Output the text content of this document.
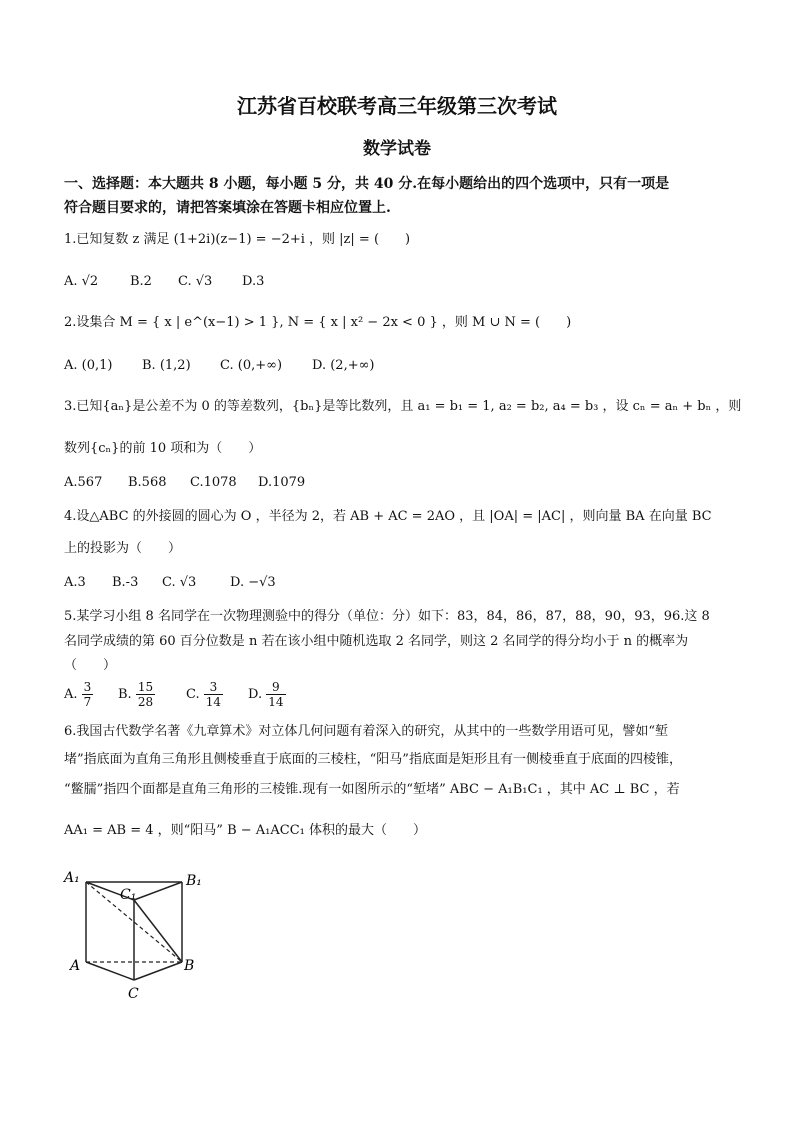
江苏省百校联考高三年级第三次考试
数学试卷
一、选择题：本大题共 8 小题，每小题 5 分，共 40 分.在每小题给出的四个选项中，只有一项是
符合题目要求的，请把答案填涂在答题卡相应位置上.
1.已知复数 z 满足 (1+2i)(z−1) = −2+i ，则 |z| = (　　)
A. √2 B.2 C. √3 D.3
2.设集合 M = { x | e^(x−1) > 1 }, N = { x | x² − 2x < 0 } ，则 M ∪ N = (　　)
A. (0,1) B. (1,2) C. (0,+∞) D. (2,+∞)
3.已知{aₙ}是公差不为 0 的等差数列，{bₙ}是等比数列，且 a₁ = b₁ = 1, a₂ = b₂, a₄ = b₃ ，设 cₙ = aₙ + bₙ ，则
数列{cₙ}的前 10 项和为（　　）
A.567 B.568 C.1078 D.1079
4.设△ABC 的外接圆的圆心为 O ，半径为 2，若 AB + AC = 2AO ，且 |OA| = |AC| ，则向量 BA 在向量 BC
上的投影为（　　）
A.3 B.-3 C. √3	D. −√3
5.某学习小组 8 名同学在一次物理测验中的得分（单位：分）如下：83，84，86，87，88，90，93，96.这 8
名同学成绩的第 60 百分位数是 n 若在该小组中随机选取 2 名同学，则这 2 名同学的得分均小于 n 的概率为
（　　）
A. $\frac{3}{7} B$. $\frac{15}{28} C$. $\frac{3}{14} D$. $\frac{9}{14}$
6.我国古代数学名著《九章算术》对立体几何问题有着深入的研究，从其中的一些数学用语可见，譬如“堑
堵”指底面为直角三角形且侧棱垂直于底面的三棱柱，“阳马”指底面是矩形且有一侧棱垂直于底面的四棱锥，
“鳖臑”指四个面都是直角三角形的三棱锥.现有一如图所示的“堑堵” ABC − A₁B₁C₁ ，其中 AC ⊥ BC ，若
AA₁ = AB = 4 ，则“阳马” B − A₁ACC₁ 体积的最大（　　）
A₁	B₁
C₁
A	B
C
